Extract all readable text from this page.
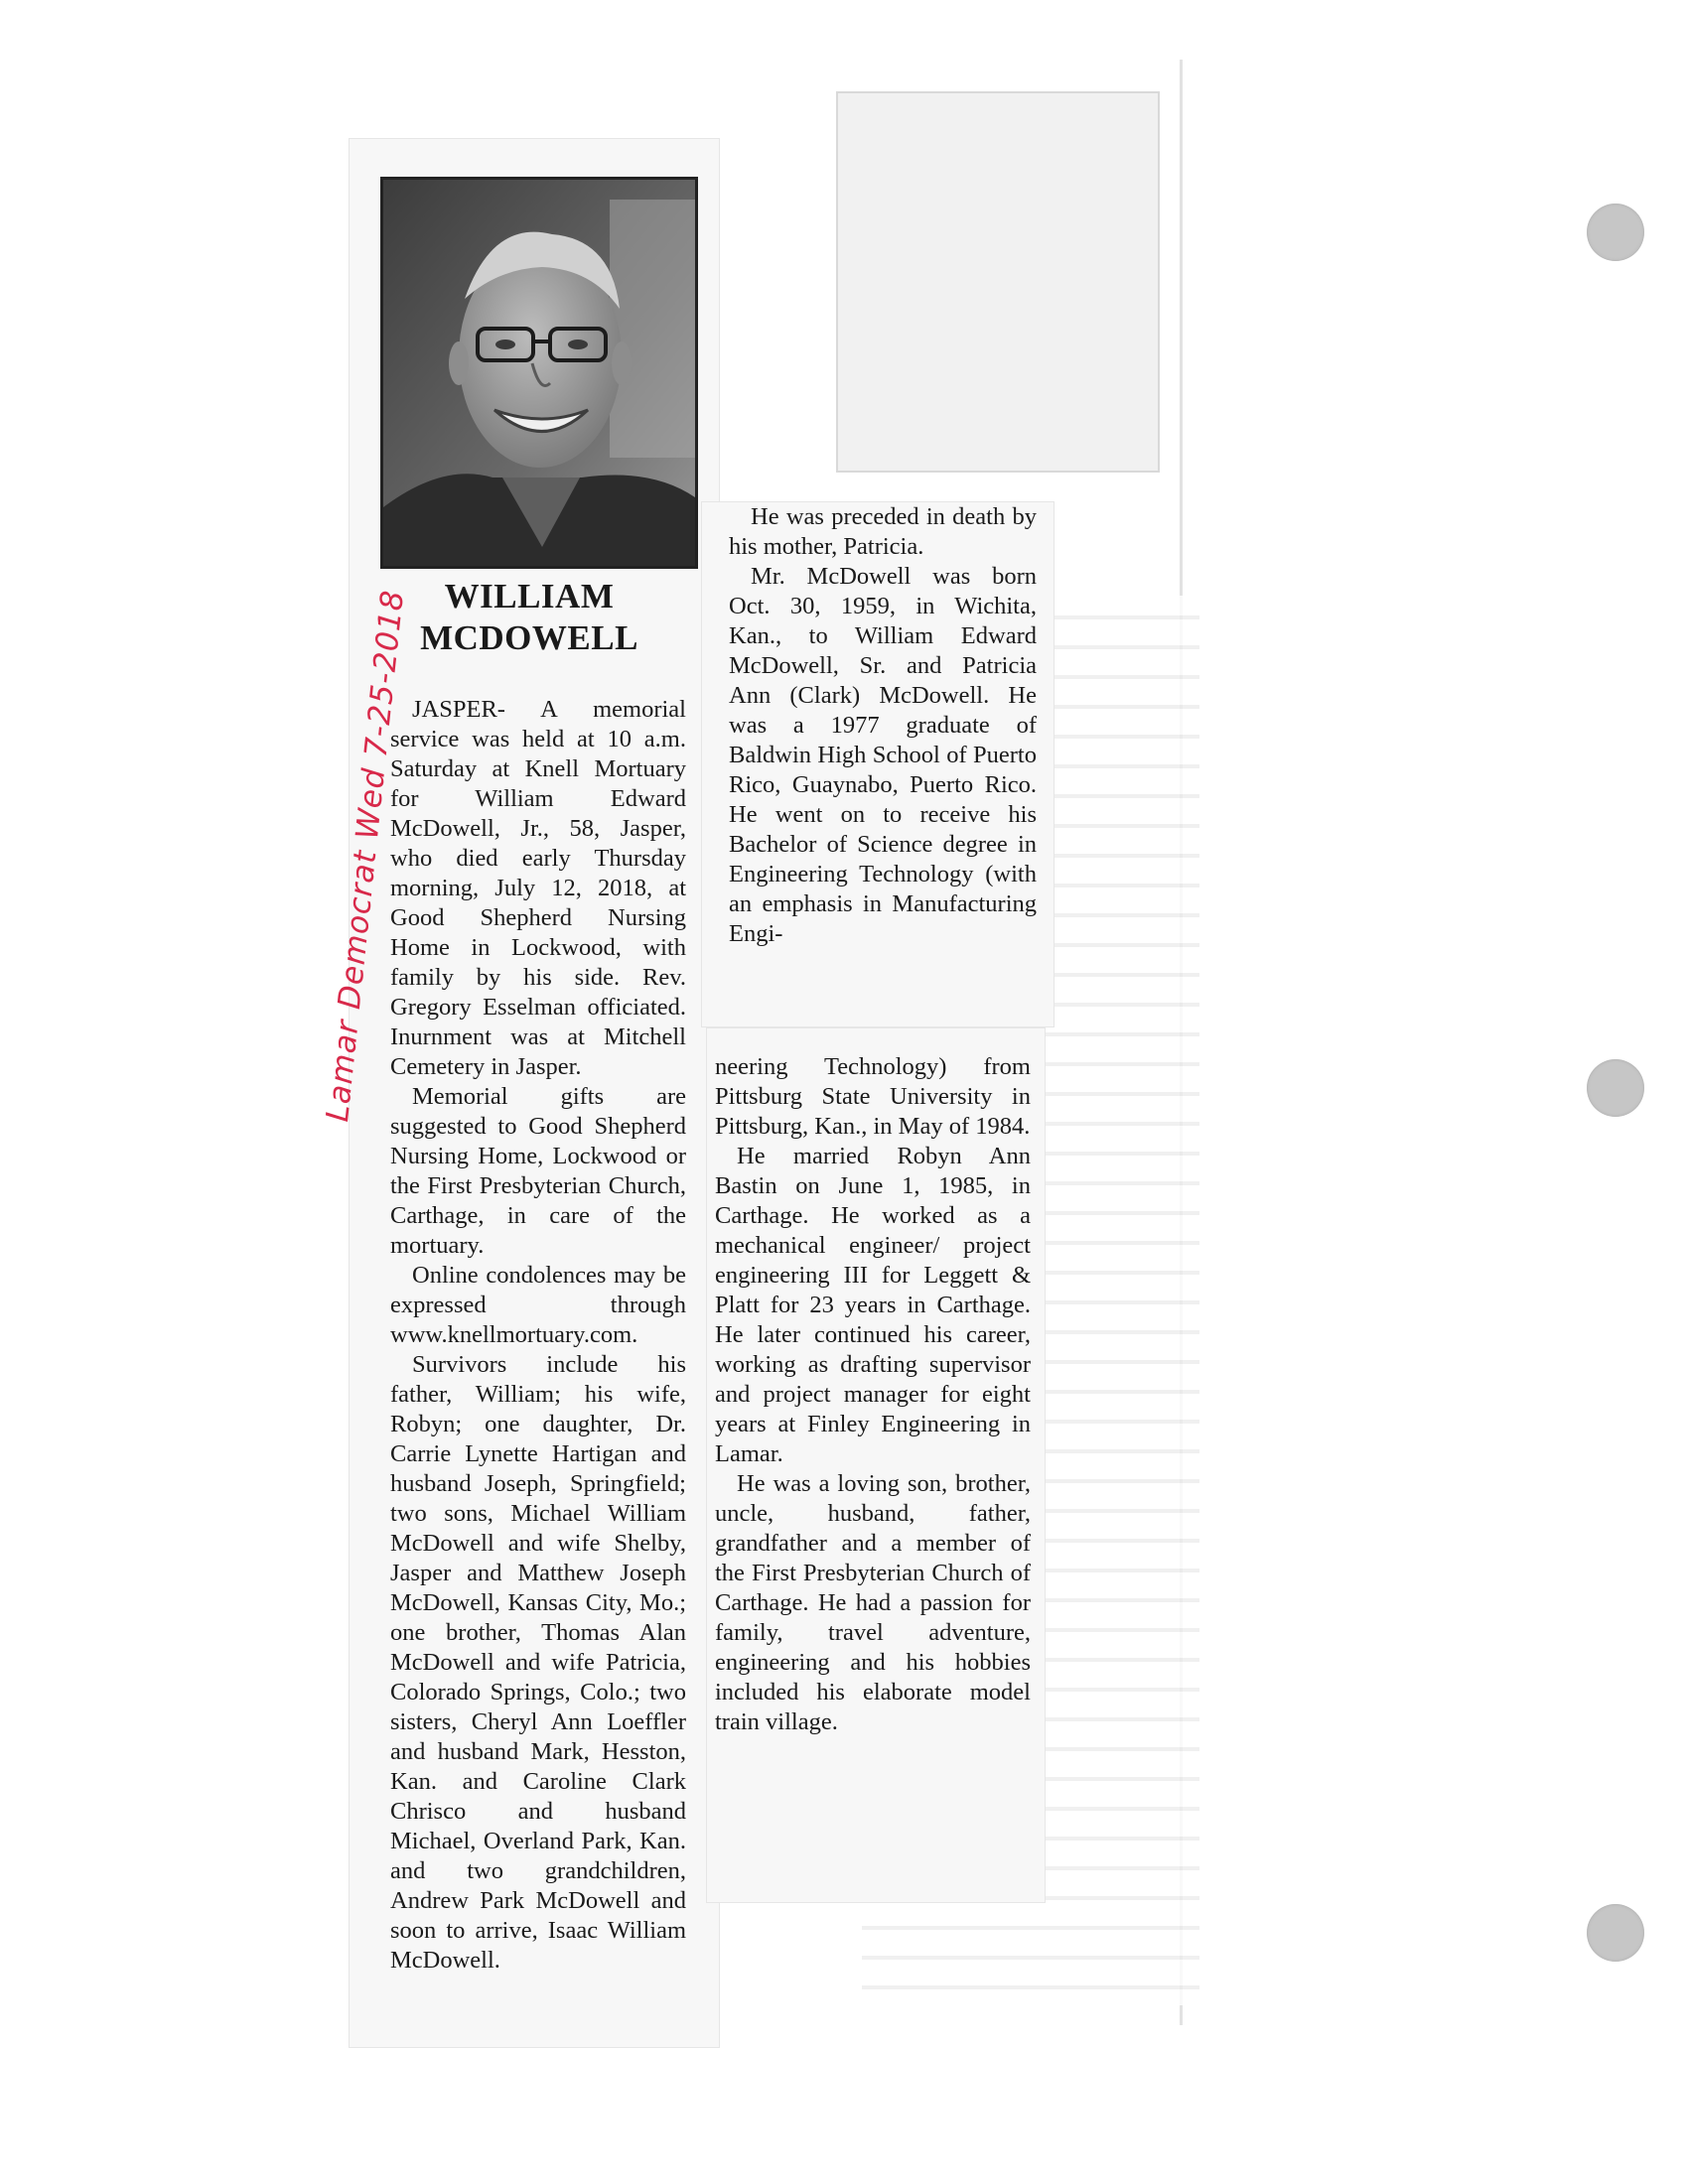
WILLIAM
MCDOWELL

JASPER- A memorial service was held at 10 a.m. Saturday at Knell Mortuary for William Edward McDowell, Jr., 58, Jasper, who died early Thursday morning, July 12, 2018, at Good Shepherd Nursing Home in Lockwood, with family by his side. Rev. Gregory Esselman officiated. Inurnment was at Mitchell Cemetery in Jasper.

Memorial gifts are suggested to Good Shepherd Nursing Home, Lockwood or the First Presbyterian Church, Carthage, in care of the mortuary.

Online condolences may be expressed through www.knellmortuary.com.

Survivors include his father, William; his wife, Robyn; one daughter, Dr. Carrie Lynette Hartigan and husband Joseph, Springfield; two sons, Michael William McDowell and wife Shelby, Jasper and Matthew Joseph McDowell, Kansas City, Mo.; one brother, Thomas Alan McDowell and wife Patricia, Colorado Springs, Colo.; two sisters, Cheryl Ann Loeffler and husband Mark, Hesston, Kan. and Caroline Clark Chrisco and husband Michael, Overland Park, Kan. and two grandchildren, Andrew Park McDowell and soon to arrive, Isaac William McDowell.

He was preceded in death by his mother, Patricia.

Mr. McDowell was born Oct. 30, 1959, in Wichita, Kan., to William Edward McDowell, Sr. and Patricia Ann (Clark) McDowell. He was a 1977 graduate of Baldwin High School of Puerto Rico, Guaynabo, Puerto Rico. He went on to receive his Bachelor of Science degree in Engineering Technology (with an emphasis in Manufacturing Engi-

neering Technology) from Pittsburg State University in Pittsburg, Kan., in May of 1984.

He married Robyn Ann Bastin on June 1, 1985, in Carthage. He worked as a mechanical engineer/ project engineering III for Leggett & Platt for 23 years in Carthage. He later continued his career, working as drafting supervisor and project manager for eight years at Finley Engineering in Lamar.

He was a loving son, brother, uncle, husband, father, grandfather and a member of the First Presbyterian Church of Carthage. He had a passion for family, travel adventure, engineering and his hobbies included his elaborate model train village.

Lamar Democrat Wed 7-25-2018
